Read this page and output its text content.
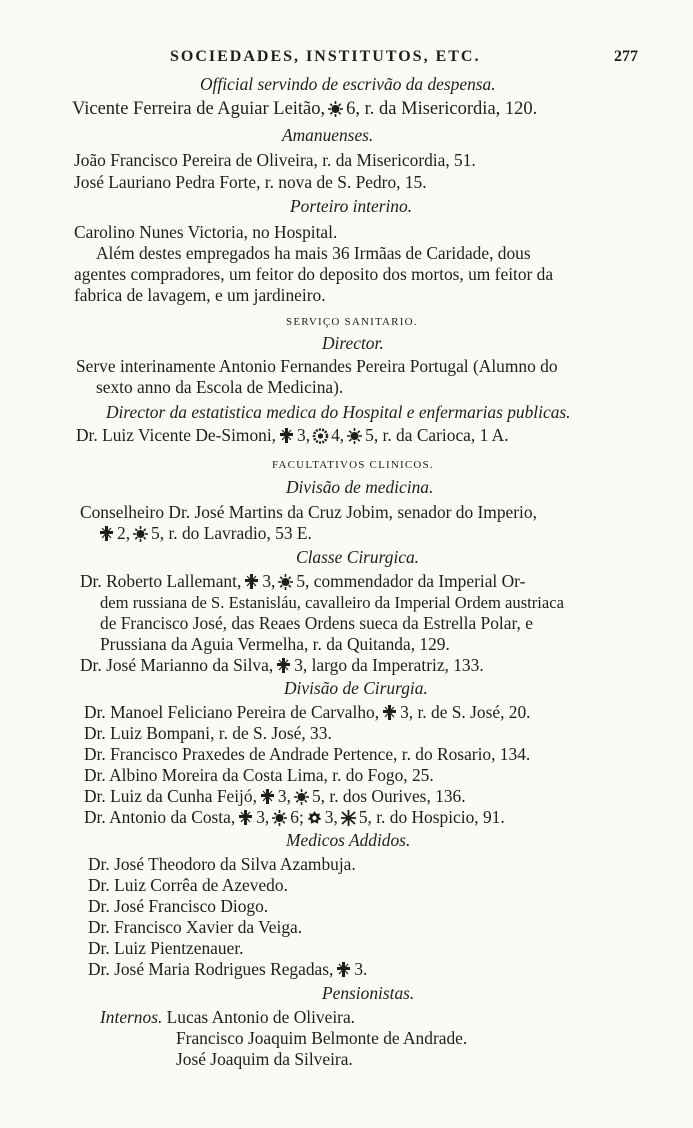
SOCIEDADES, INSTITUTOS, ETC.	277
Official servindo de escrivão da despensa.
Vicente Ferreira de Aguiar Leitão, 6, r. da Misericordia, 120.
Amanuenses.
João Francisco Pereira de Oliveira, r. da Misericordia, 51.
José Lauriano Pedra Forte, r. nova de S. Pedro, 15.
Porteiro interino.
Carolino Nunes Victoria, no Hospital.
Além destes empregados ha mais 36 Irmãas de Caridade, dous
agentes compradores, um feitor do deposito dos mortos, um feitor da
fabrica de lavagem, e um jardineiro.
SERVIÇO SANITARIO.
Director.
Serve interinamente Antonio Fernandes Pereira Portugal (Alumno do
sexto anno da Escola de Medicina).
Director da estatistica medica do Hospital e enfermarias publicas.
Dr. Luiz Vicente De-Simoni, 3, 4, 5, r. da Carioca, 1 A.
FACULTATIVOS CLINICOS.
Divisão de medicina.
Conselheiro Dr. José Martins da Cruz Jobim, senador do Imperio,
2, 5, r. do Lavradio, 53 E.
Classe Cirurgica.
Dr. Roberto Lallemant, 3, 5, commendador da Imperial Or-
dem russiana de S. Estanisláu, cavalleiro da Imperial Ordem austriaca
de Francisco José, das Reaes Ordens sueca da Estrella Polar, e
Prussiana da Aguia Vermelha, r. da Quitanda, 129.
Dr. José Marianno da Silva, 3, largo da Imperatriz, 133.
Divisão de Cirurgia.
Dr. Manoel Feliciano Pereira de Carvalho, 3, r. de S. José, 20.
Dr. Luiz Bompani, r. de S. José, 33.
Dr. Francisco Praxedes de Andrade Pertence, r. do Rosario, 134.
Dr. Albino Moreira da Costa Lima, r. do Fogo, 25.
Dr. Luiz da Cunha Feijó, 3, 5, r. dos Ourives, 136.
Dr. Antonio da Costa, 3, 6; 3, 5, r. do Hospicio, 91.
Medicos Addidos.
Dr. José Theodoro da Silva Azambuja.
Dr. Luiz Corrêa de Azevedo.
Dr. José Francisco Diogo.
Dr. Francisco Xavier da Veiga.
Dr. Luiz Pientzenauer.
Dr. José Maria Rodrigues Regadas, 3.
Pensionistas.
Internos. Lucas Antonio de Oliveira.
Francisco Joaquim Belmonte de Andrade.
José Joaquim da Silveira.
